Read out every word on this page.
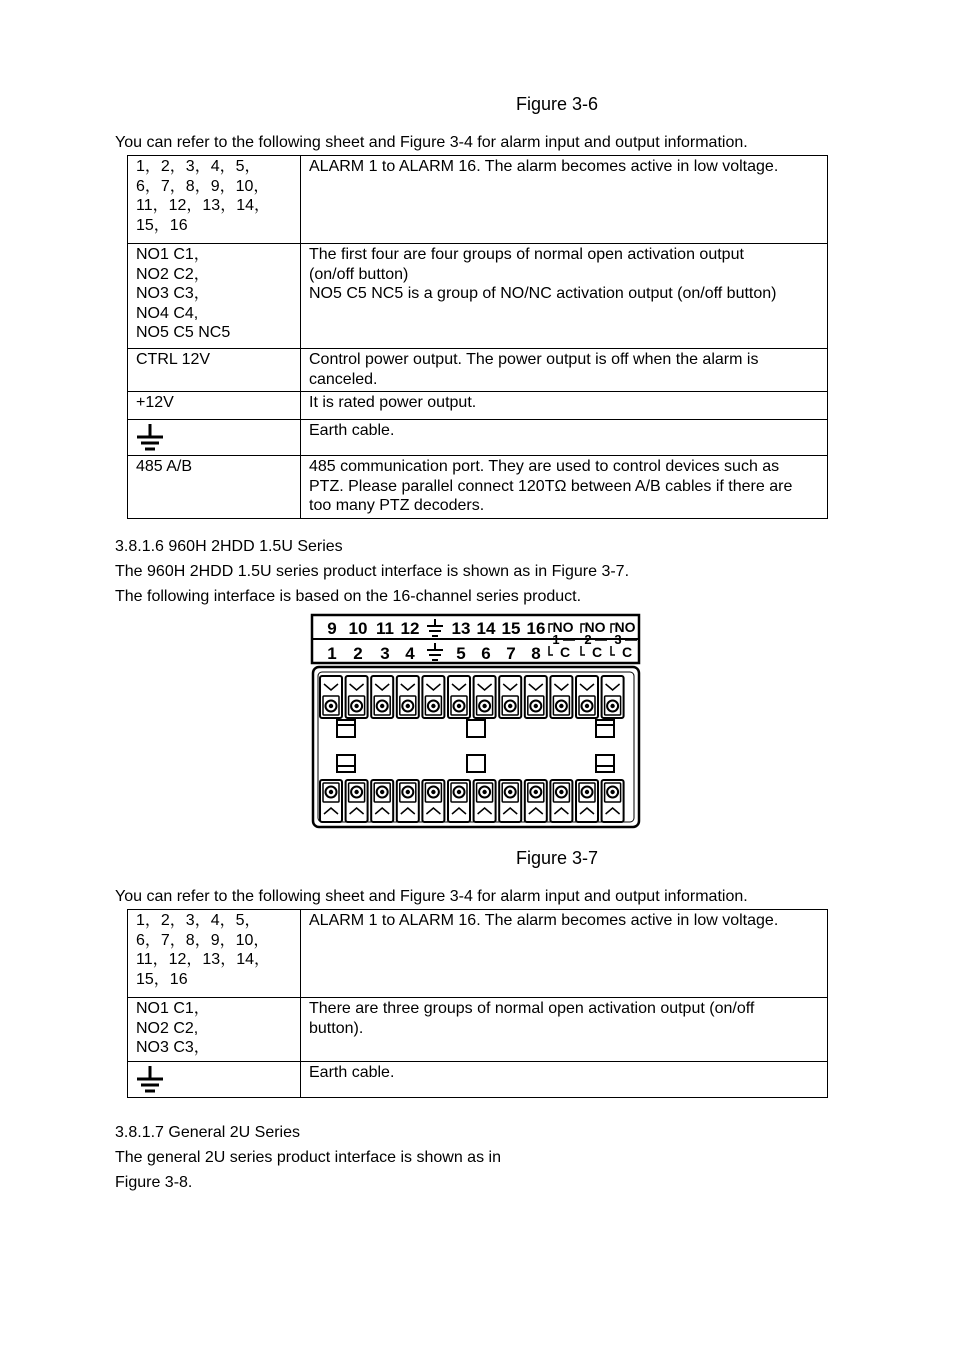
Figure 3-6
You can refer to the following sheet and Figure 3-4 for alarm input and output information.
1，2，3，4，5，
6，7，8，9，10，
11，12，13，14，
15，16	ALARM 1 to ALARM 16. The alarm becomes active in low voltage.

NO1 C1，
NO2 C2，
NO3 C3，
NO4 C4,
NO5 C5 NC5	The first four are four groups of normal open activation output
(on/off button)
NO5 C5 NC5 is a group of NO/NC activation output (on/off button)

CTRL 12V	Control power output. The power output is off when the alarm is
canceled.

+12V	It is rated power output.

Earth cable.

485 A/B	485 communication port. They are used to control devices such as
PTZ. Please parallel connect 120TΩ between A/B cables if there are
too many PTZ decoders.
3.8.1.6 960H 2HDD 1.5U Series
The 960H 2HDD 1.5U series product interface is shown as in Figure 3-7.
The following interface is based on the 16-channel series product.
9 10 11 12 13 14 15 16
1 2 3 4 5 6 7 8
NO
1
C
NO
2
C
NO
3
C
Figure 3-7
You can refer to the following sheet and Figure 3-4 for alarm input and output information.
1，2，3，4，5，
6，7，8，9，10，
11，12，13，14，
15，16	ALARM 1 to ALARM 16. The alarm becomes active in low voltage.

NO1 C1，
NO2 C2,
NO3 C3，	There are three groups of normal open activation output (on/off
button).

Earth cable.
3.8.1.7 General 2U Series
The general 2U series product interface is shown as in
Figure 3-8.
